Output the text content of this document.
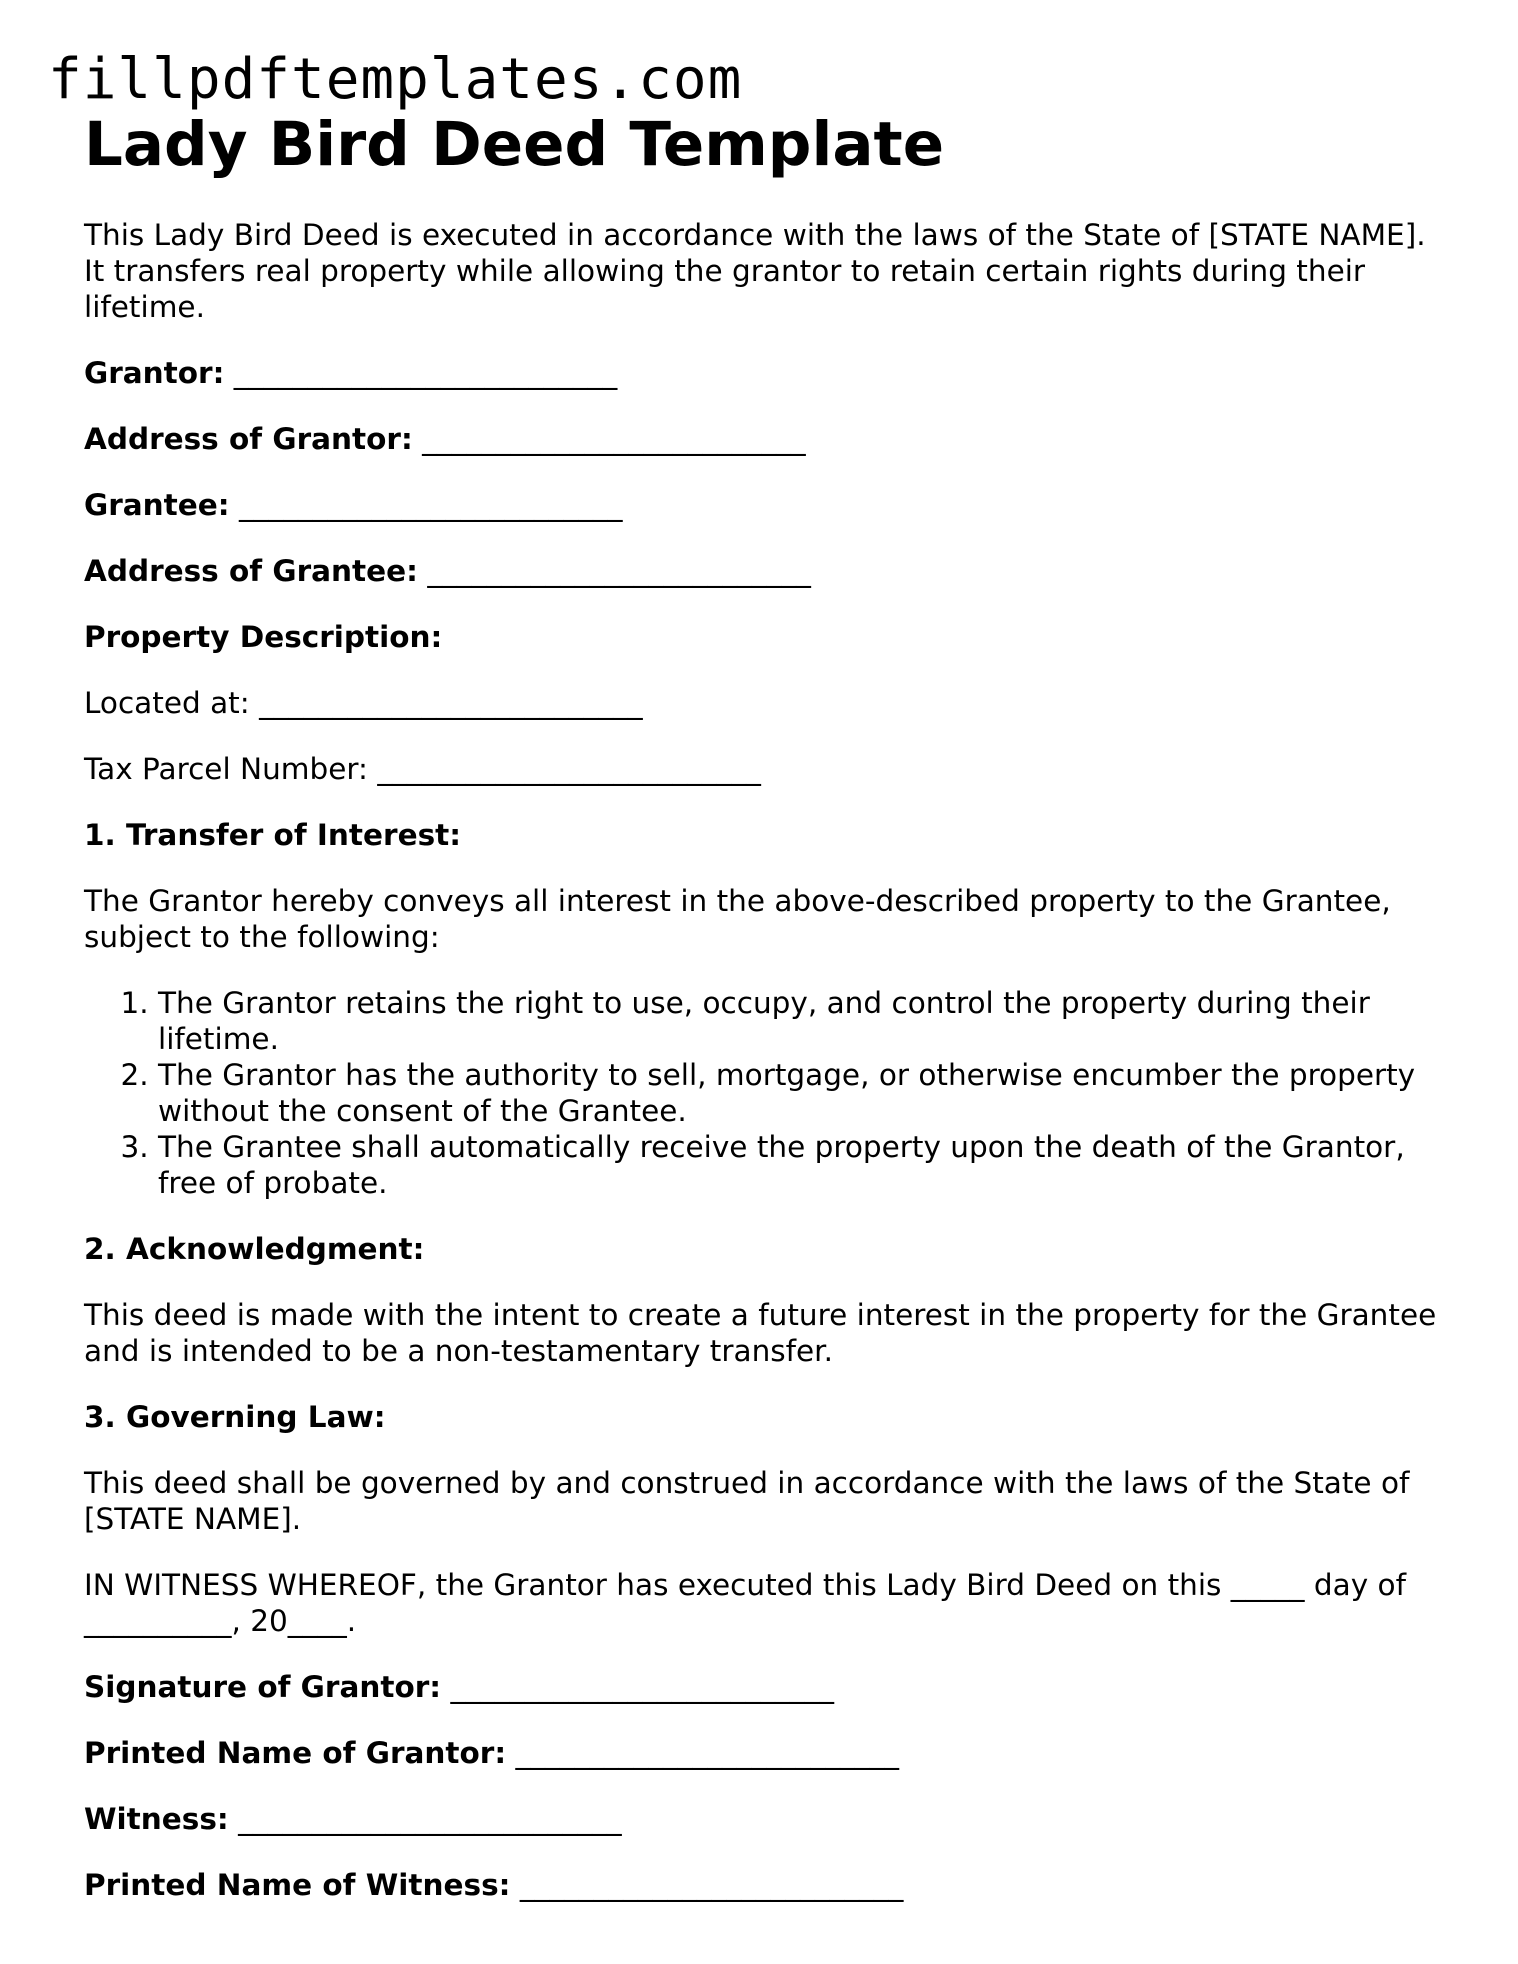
fillpdftemplates.com
Lady Bird Deed Template

This Lady Bird Deed is executed in accordance with the laws of the State of [STATE NAME]. It transfers real property while allowing the grantor to retain certain rights during their lifetime.

Grantor: __________________________

Address of Grantor: __________________________

Grantee: __________________________

Address of Grantee: __________________________

Property Description:

Located at: __________________________

Tax Parcel Number: __________________________

1. Transfer of Interest:

The Grantor hereby conveys all interest in the above-described property to the Grantee, subject to the following:

1. The Grantor retains the right to use, occupy, and control the property during their lifetime.
2. The Grantor has the authority to sell, mortgage, or otherwise encumber the property without the consent of the Grantee.
3. The Grantee shall automatically receive the property upon the death of the Grantor, free of probate.

2. Acknowledgment:

This deed is made with the intent to create a future interest in the property for the Grantee and is intended to be a non-testamentary transfer.

3. Governing Law:

This deed shall be governed by and construed in accordance with the laws of the State of [STATE NAME].

IN WITNESS WHEREOF, the Grantor has executed this Lady Bird Deed on this _____ day of __________, 20____.

Signature of Grantor: __________________________

Printed Name of Grantor: __________________________

Witness: __________________________

Printed Name of Witness: __________________________
